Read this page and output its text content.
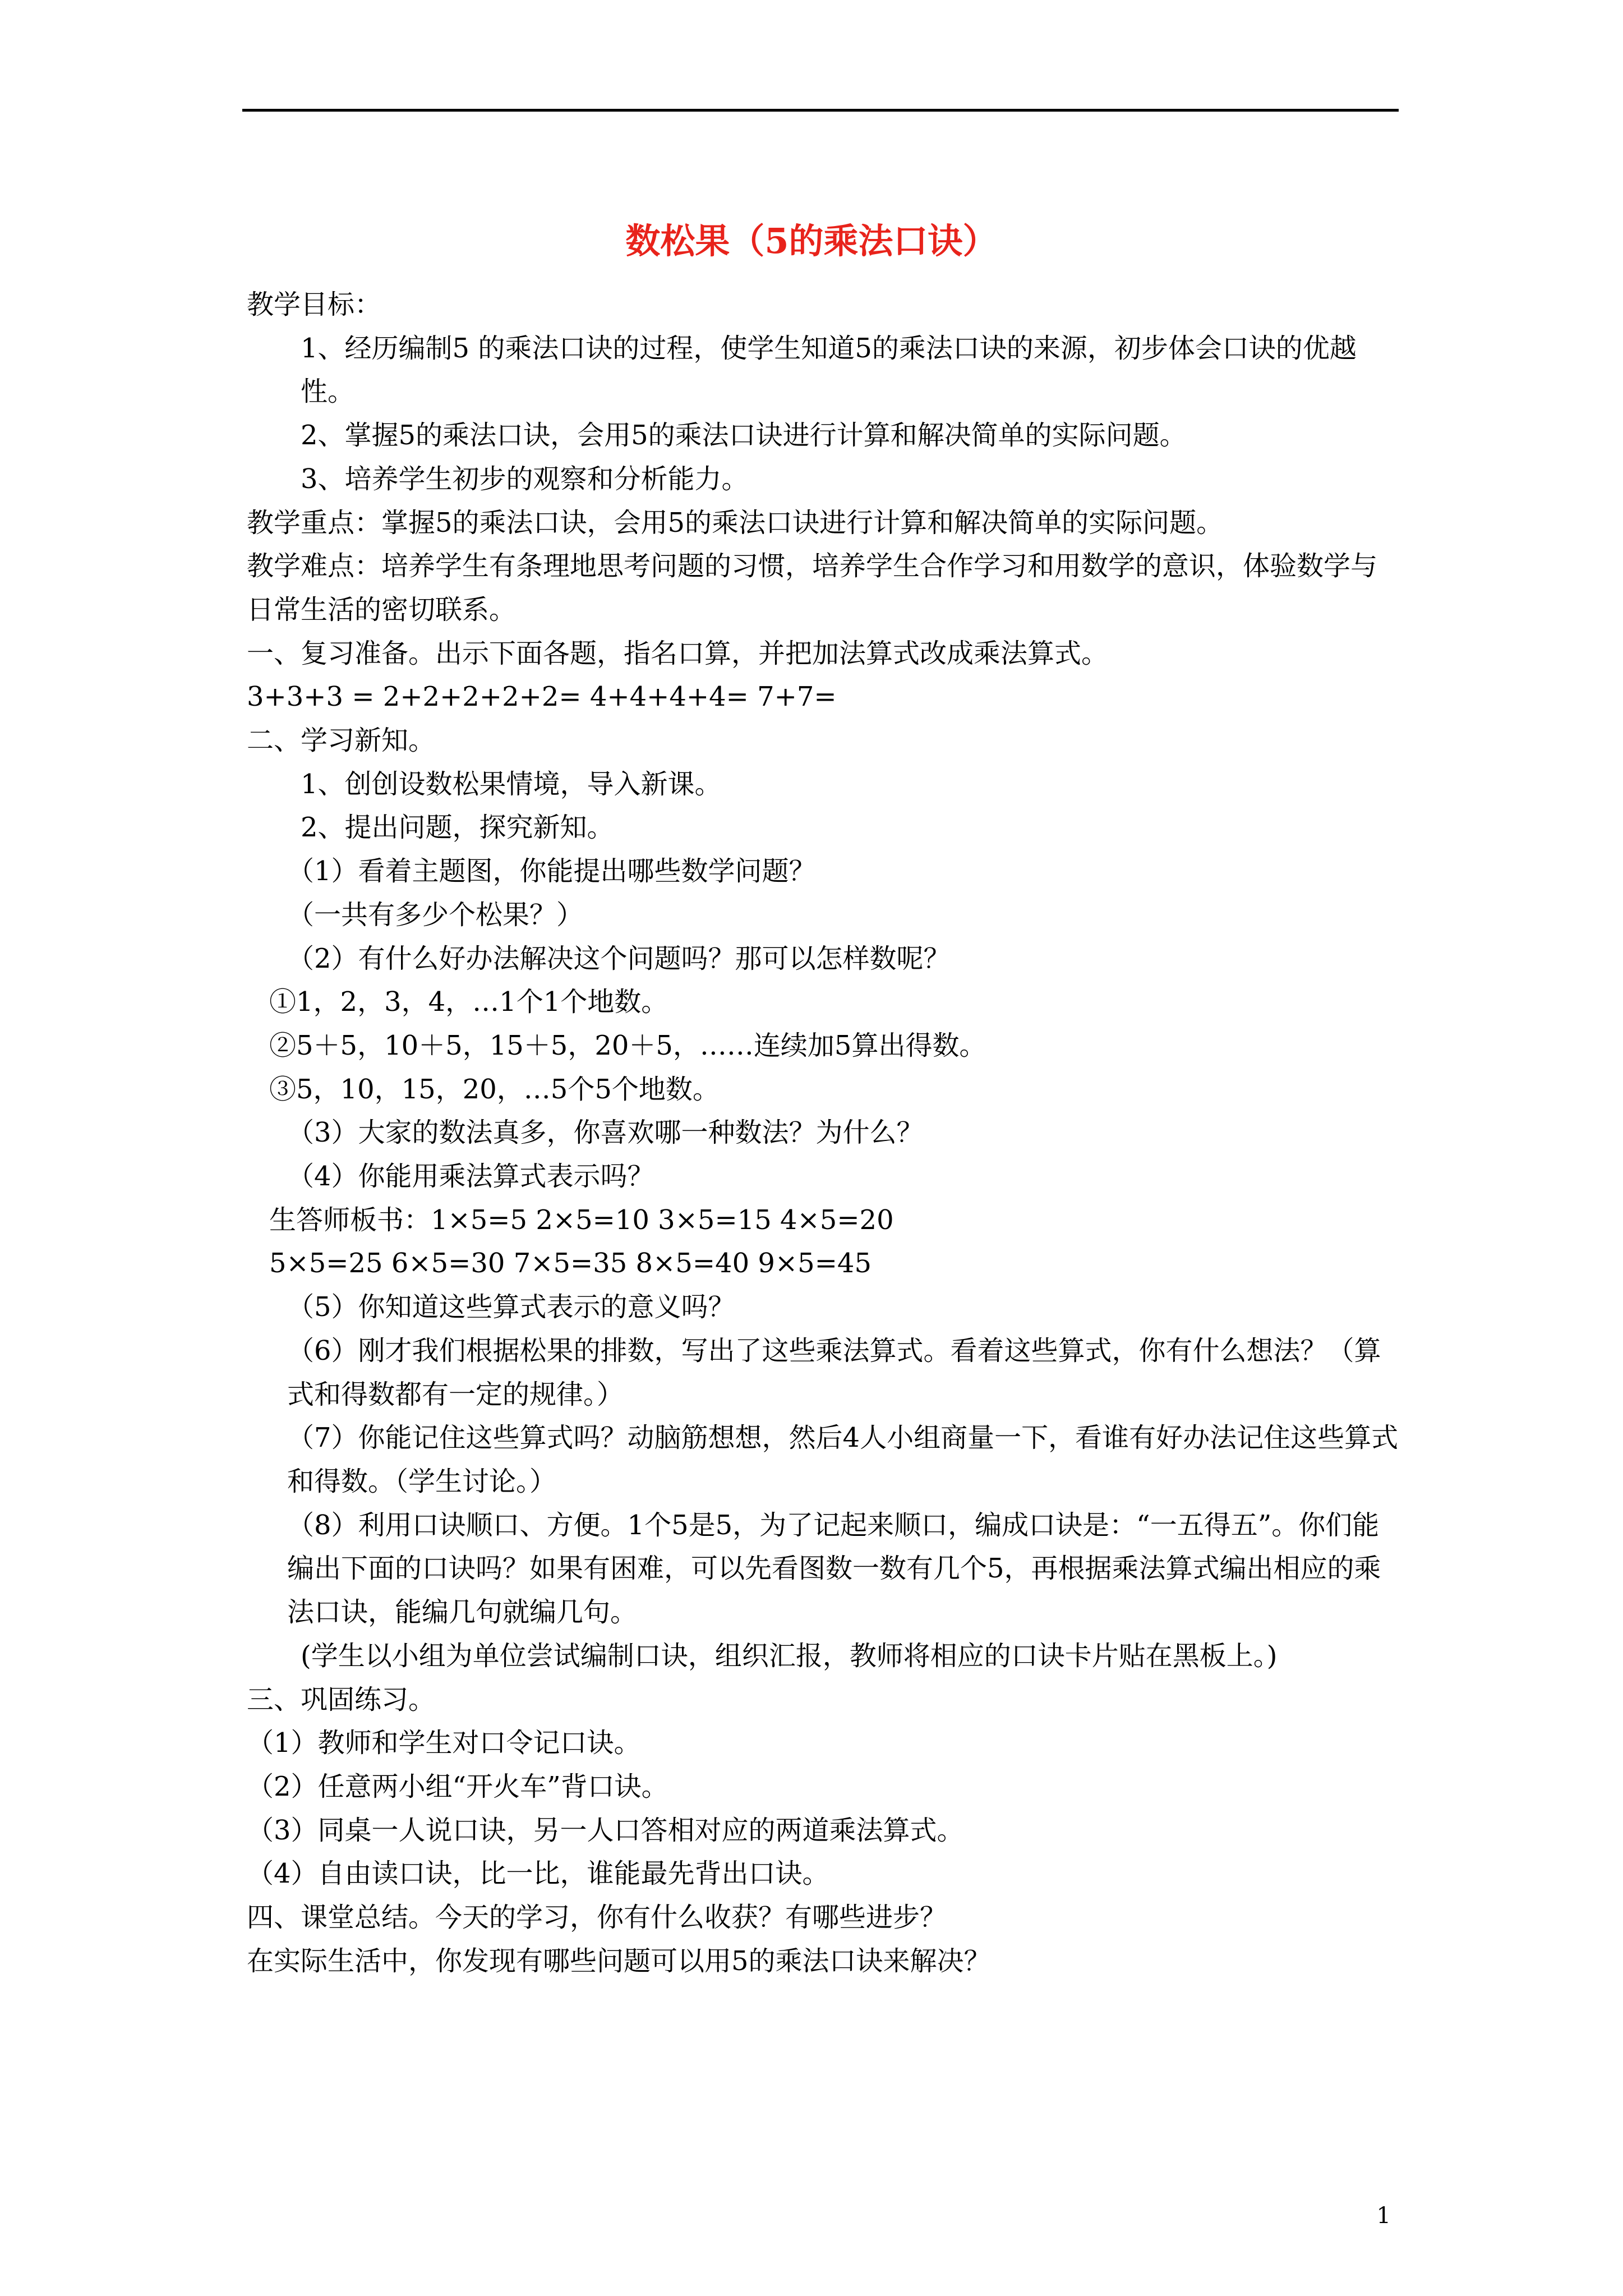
数松果（5的乘法口诀）

教学目标：

1、经历编制5 的乘法口诀的过程，使学生知道5的乘法口诀的来源，初步体会口诀的优越性。

2、掌握5的乘法口诀，会用5的乘法口诀进行计算和解决简单的实际问题。

3、培养学生初步的观察和分析能力。

教学重点：掌握5的乘法口诀，会用5的乘法口诀进行计算和解决简单的实际问题。

教学难点：培养学生有条理地思考问题的习惯，培养学生合作学习和用数学的意识，体验数学与日常生活的密切联系。

一、复习准备。出示下面各题，指名口算，并把加法算式改成乘法算式。

3+3+3 = 2+2+2+2+2= 4+4+4+4= 7+7=

二、学习新知。

1、创创设数松果情境，导入新课。

2、提出问题，探究新知。

（1）看着主题图，你能提出哪些数学问题？

（一共有多少个松果？）

（2）有什么好办法解决这个问题吗？那可以怎样数呢？

①1，2，3，4，…1个1个地数。

②5＋5，10＋5，15＋5，20＋5，……连续加5算出得数。

③5，10，15，20，…5个5个地数。

（3）大家的数法真多，你喜欢哪一种数法？为什么？

（4）你能用乘法算式表示吗？

生答师板书：1×5=5 2×5=10 3×5=15 4×5=20

5×5=25 6×5=30 7×5=35 8×5=40 9×5=45

（5）你知道这些算式表示的意义吗？

（6）刚才我们根据松果的排数，写出了这些乘法算式。看着这些算式，你有什么想法？（算式和得数都有一定的规律。）

（7）你能记住这些算式吗？动脑筋想想，然后4人小组商量一下，看谁有好办法记住这些算式和得数。（学生讨论。）

（8）利用口诀顺口、方便。1个5是5，为了记起来顺口，编成口诀是：“一五得五”。你们能编出下面的口诀吗？如果有困难，可以先看图数一数有几个5，再根据乘法算式编出相应的乘法口诀，能编几句就编几句。

(学生以小组为单位尝试编制口诀，组织汇报，教师将相应的口诀卡片贴在黑板上。)

三、巩固练习。

（1）教师和学生对口令记口诀。

（2）任意两小组“开火车”背口诀。

（3）同桌一人说口诀，另一人口答相对应的两道乘法算式。

（4）自由读口诀，比一比，谁能最先背出口诀。

四、课堂总结。今天的学习，你有什么收获？有哪些进步？

在实际生活中，你发现有哪些问题可以用5的乘法口诀来解决？

1
